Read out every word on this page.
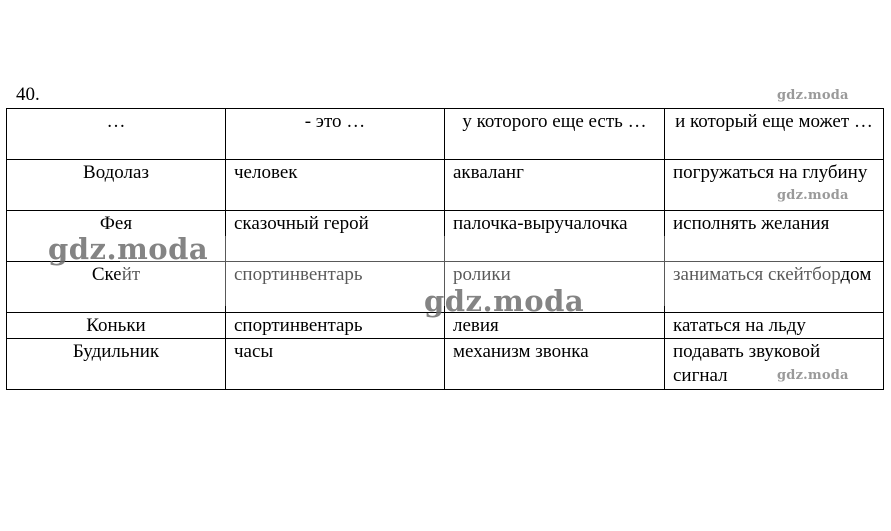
40.
…	- это …	у которого еще есть …	и который еще может …
Водолаз	человек	акваланг	погружаться на глубину
Фея	сказочный герой	палочка-выручалочка	исполнять желания
Скейт	спортинвентарь	ролики	заниматься скейтбордом
Коньки	спортинвентарь	левия	кататься на льду
Будильник	часы	механизм звонка	подавать звуковой сигнал
gdz.moda
gdz.moda
gdz.moda
gdz.moda
gdz.moda
